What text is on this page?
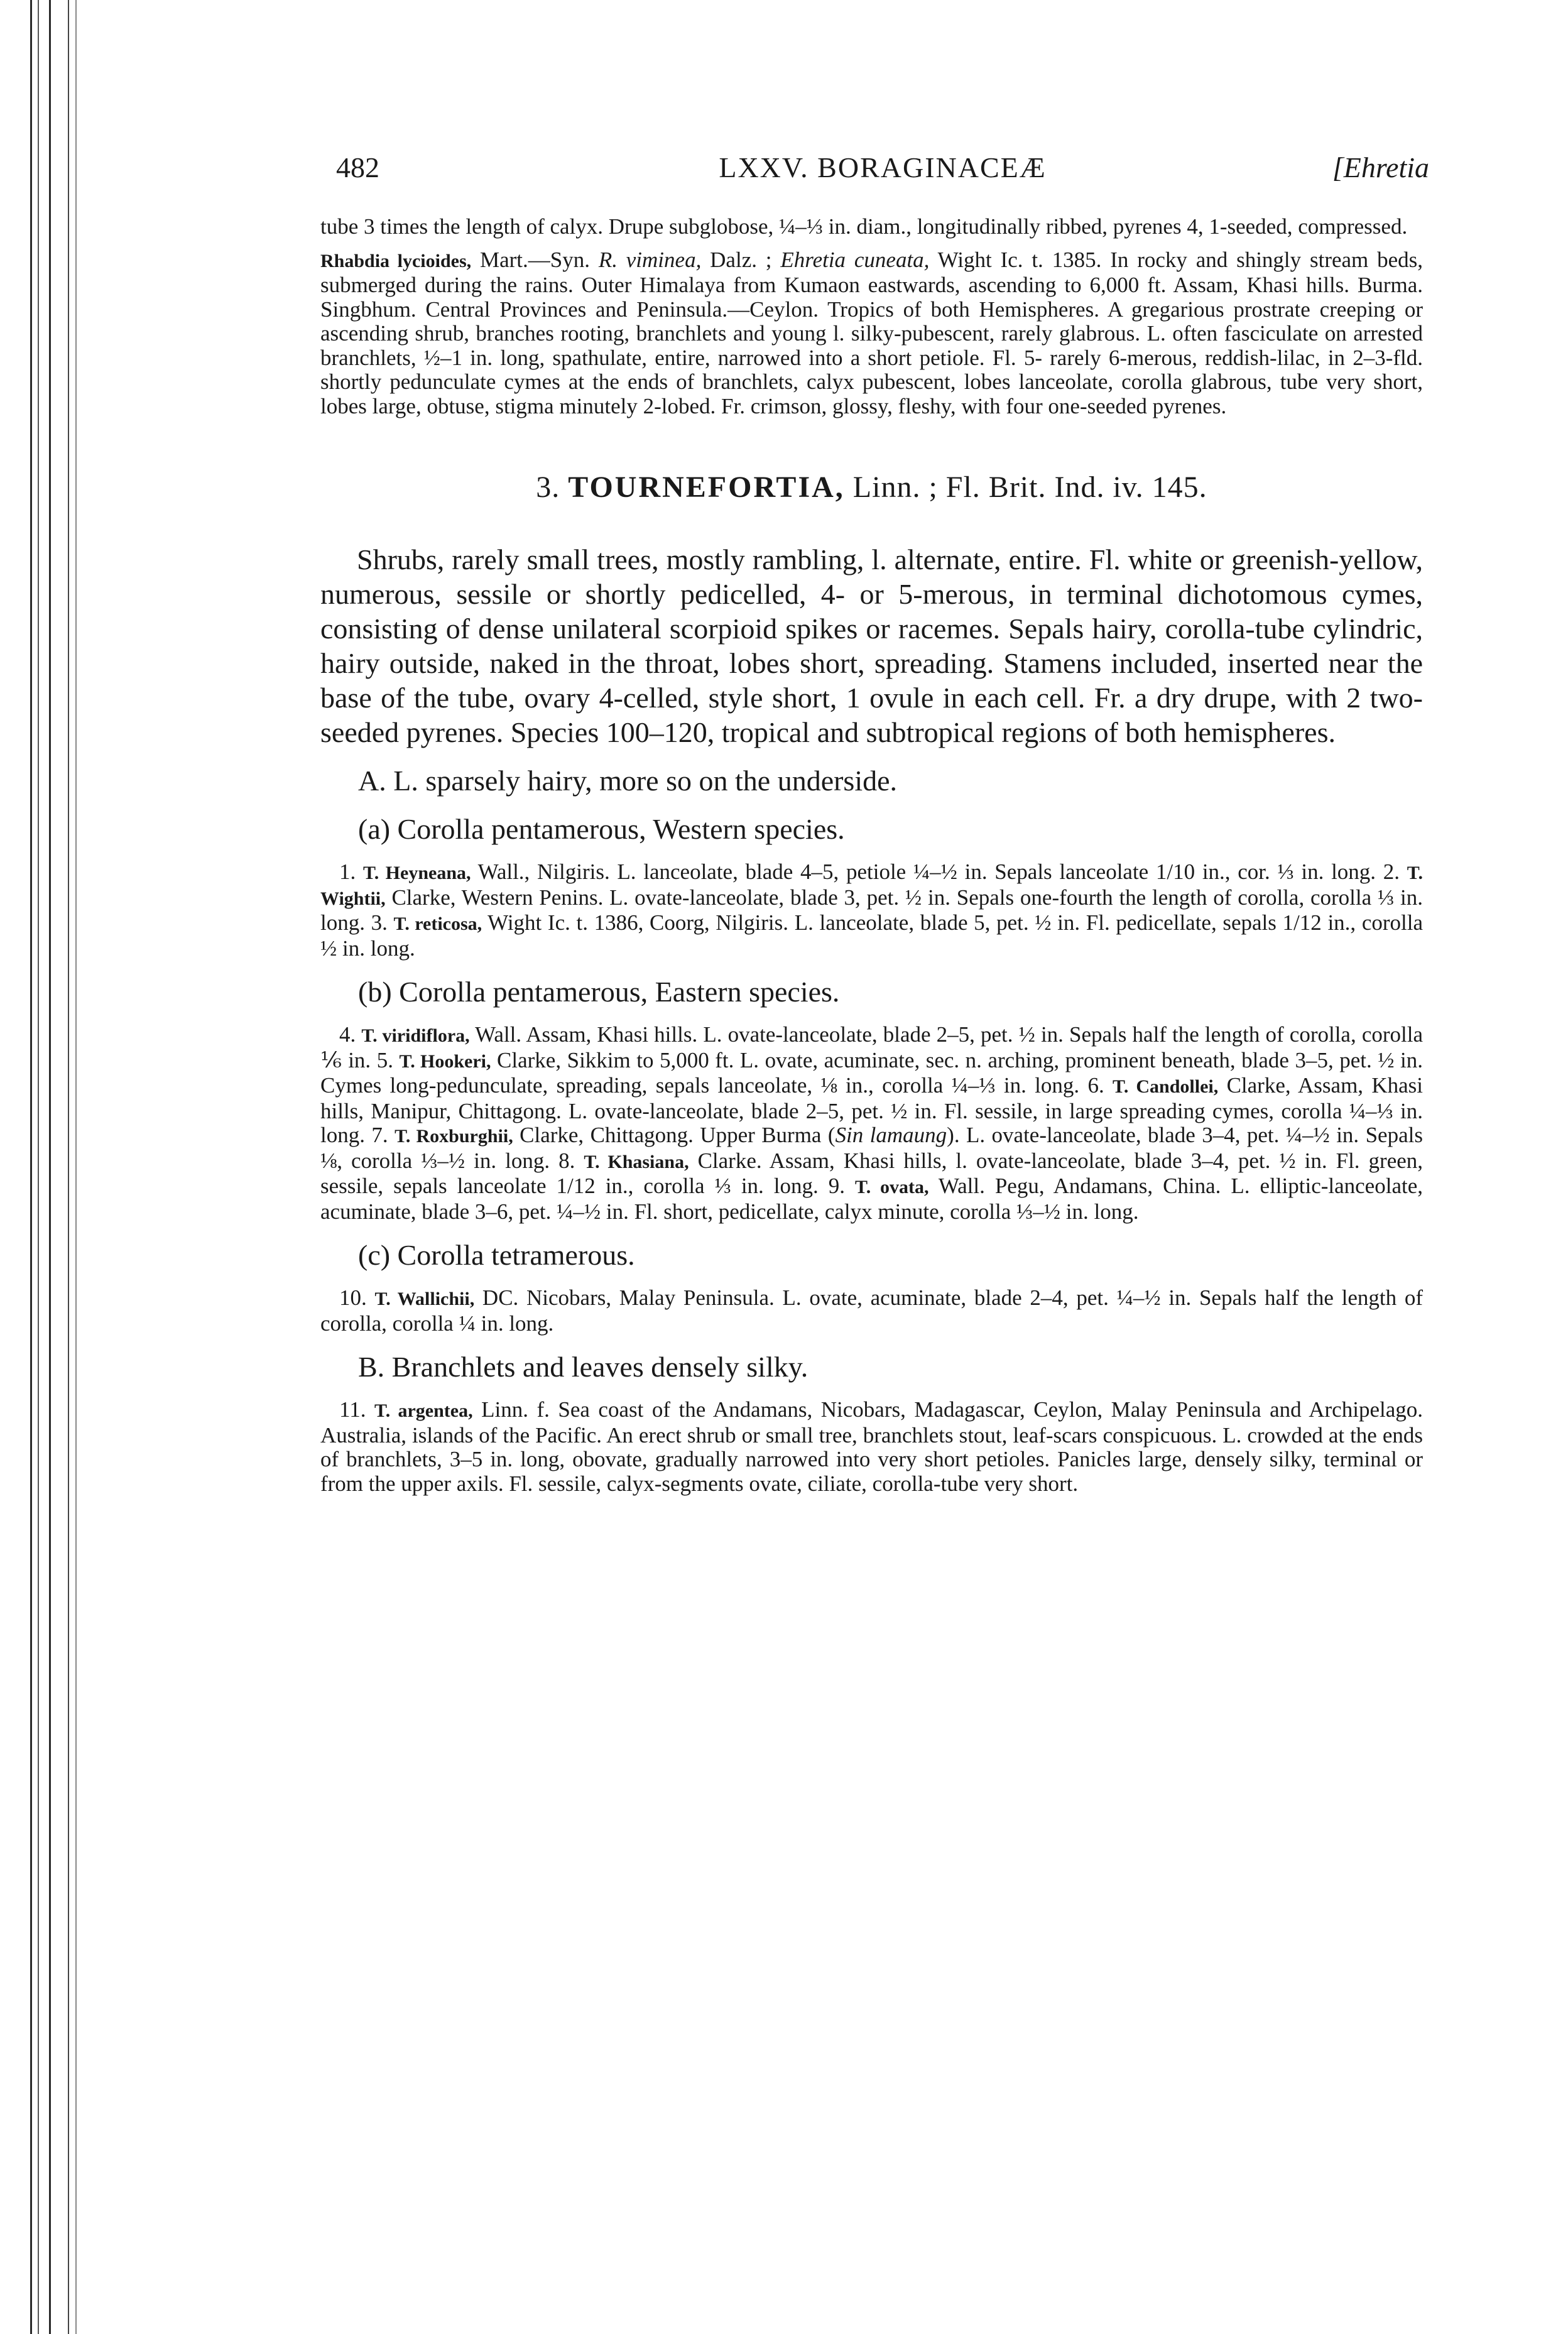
482	LXXV. BORAGINACEÆ	[Ehretia

tube 3 times the length of calyx. Drupe subglobose, ¼–⅓ in. diam., longitudinally ribbed, pyrenes 4, 1-seeded, compressed.

Rhabdia lycioides, Mart.—Syn. R. viminea, Dalz. ; Ehretia cuneata, Wight Ic. t. 1385. In rocky and shingly stream beds, submerged during the rains. Outer Himalaya from Kumaon eastwards, ascending to 6,000 ft. Assam, Khasi hills. Burma. Singbhum. Central Provinces and Peninsula.—Ceylon. Tropics of both Hemispheres. A gregarious prostrate creeping or ascending shrub, branches rooting, branchlets and young l. silky-pubescent, rarely glabrous. L. often fasciculate on arrested branchlets, ½–1 in. long, spathulate, entire, narrowed into a short petiole. Fl. 5- rarely 6-merous, reddish-lilac, in 2–3-fld. shortly pedunculate cymes at the ends of branchlets, calyx pubescent, lobes lanceolate, corolla glabrous, tube very short, lobes large, obtuse, stigma minutely 2-lobed. Fr. crimson, glossy, fleshy, with four one-seeded pyrenes.

3. TOURNEFORTIA, Linn. ; Fl. Brit. Ind. iv. 145.

Shrubs, rarely small trees, mostly rambling, l. alternate, entire. Fl. white or greenish-yellow, numerous, sessile or shortly pedicelled, 4- or 5-merous, in terminal dichotomous cymes, consisting of dense unilateral scorpioid spikes or racemes. Sepals hairy, corolla-tube cylindric, hairy outside, naked in the throat, lobes short, spreading. Stamens included, inserted near the base of the tube, ovary 4-celled, style short, 1 ovule in each cell. Fr. a dry drupe, with 2 two-seeded pyrenes. Species 100–120, tropical and subtropical regions of both hemispheres.

A. L. sparsely hairy, more so on the underside.
(a) Corolla pentamerous, Western species.

1. T. Heyneana, Wall., Nilgiris. L. lanceolate, blade 4–5, petiole ¼–½ in. Sepals lanceolate 1/10 in., cor. ⅓ in. long. 2. T. Wightii, Clarke, Western Penins. L. ovate-lanceolate, blade 3, pet. ½ in. Sepals one-fourth the length of corolla, corolla ⅓ in. long. 3. T. reticosa, Wight Ic. t. 1386, Coorg, Nilgiris. L. lanceolate, blade 5, pet. ½ in. Fl. pedicellate, sepals 1/12 in., corolla ½ in. long.

(b) Corolla pentamerous, Eastern species.

4. T. viridiflora, Wall. Assam, Khasi hills. L. ovate-lanceolate, blade 2–5, pet. ½ in. Sepals half the length of corolla, corolla ⅙ in. 5. T. Hookeri, Clarke, Sikkim to 5,000 ft. L. ovate, acuminate, sec. n. arching, prominent beneath, blade 3–5, pet. ½ in. Cymes long-pedunculate, spreading, sepals lanceolate, ⅛ in., corolla ¼–⅓ in. long. 6. T. Candollei, Clarke, Assam, Khasi hills, Manipur, Chittagong. L. ovate-lanceolate, blade 2–5, pet. ½ in. Fl. sessile, in large spreading cymes, corolla ¼–⅓ in. long. 7. T. Roxburghii, Clarke, Chittagong. Upper Burma (Sin lamaung). L. ovate-lanceolate, blade 3–4, pet. ¼–½ in. Sepals ⅛, corolla ⅓–½ in. long. 8. T. Khasiana, Clarke. Assam, Khasi hills, l. ovate-lanceolate, blade 3–4, pet. ½ in. Fl. green, sessile, sepals lanceolate 1/12 in., corolla ⅓ in. long. 9. T. ovata, Wall. Pegu, Andamans, China. L. elliptic-lanceolate, acuminate, blade 3–6, pet. ¼–½ in. Fl. short, pedicellate, calyx minute, corolla ⅓–½ in. long.

(c) Corolla tetramerous.

10. T. Wallichii, DC. Nicobars, Malay Peninsula. L. ovate, acuminate, blade 2–4, pet. ¼–½ in. Sepals half the length of corolla, corolla ¼ in. long.

B. Branchlets and leaves densely silky.

11. T. argentea, Linn. f. Sea coast of the Andamans, Nicobars, Madagascar, Ceylon, Malay Peninsula and Archipelago. Australia, islands of the Pacific. An erect shrub or small tree, branchlets stout, leaf-scars conspicuous. L. crowded at the ends of branchlets, 3–5 in. long, obovate, gradually narrowed into very short petioles. Panicles large, densely silky, terminal or from the upper axils. Fl. sessile, calyx-segments ovate, ciliate, corolla-tube very short.
